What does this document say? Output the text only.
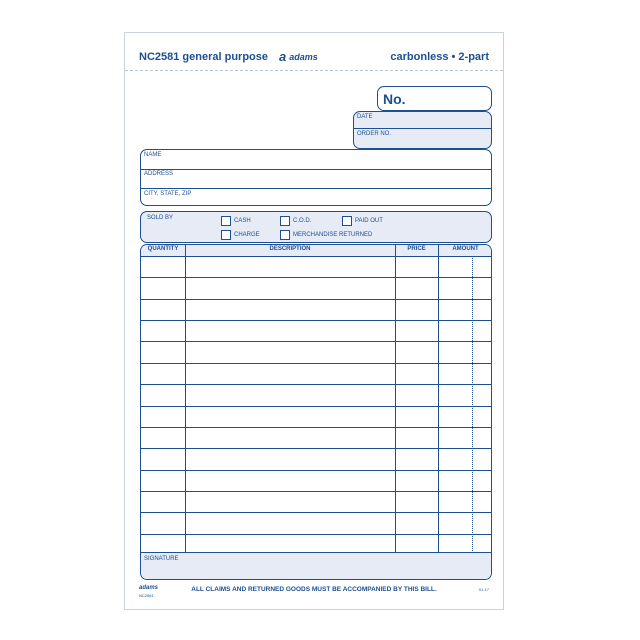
NC2581 general purpose a adams	carbonless • 2-part
No.
DATE
ORDER NO.
NAME
ADDRESS
CITY, STATE, ZIP
SOLD BY	CASH	C.O.D.	PAID OUT
CHARGE	MERCHANDISE RETURNED
QUANTITY	DESCRIPTION	PRICE	AMOUNT
SIGNATURE
adams
NC2581
ALL CLAIMS AND RETURNED GOODS MUST BE ACCOMPANIED BY THIS BILL.	01-17
